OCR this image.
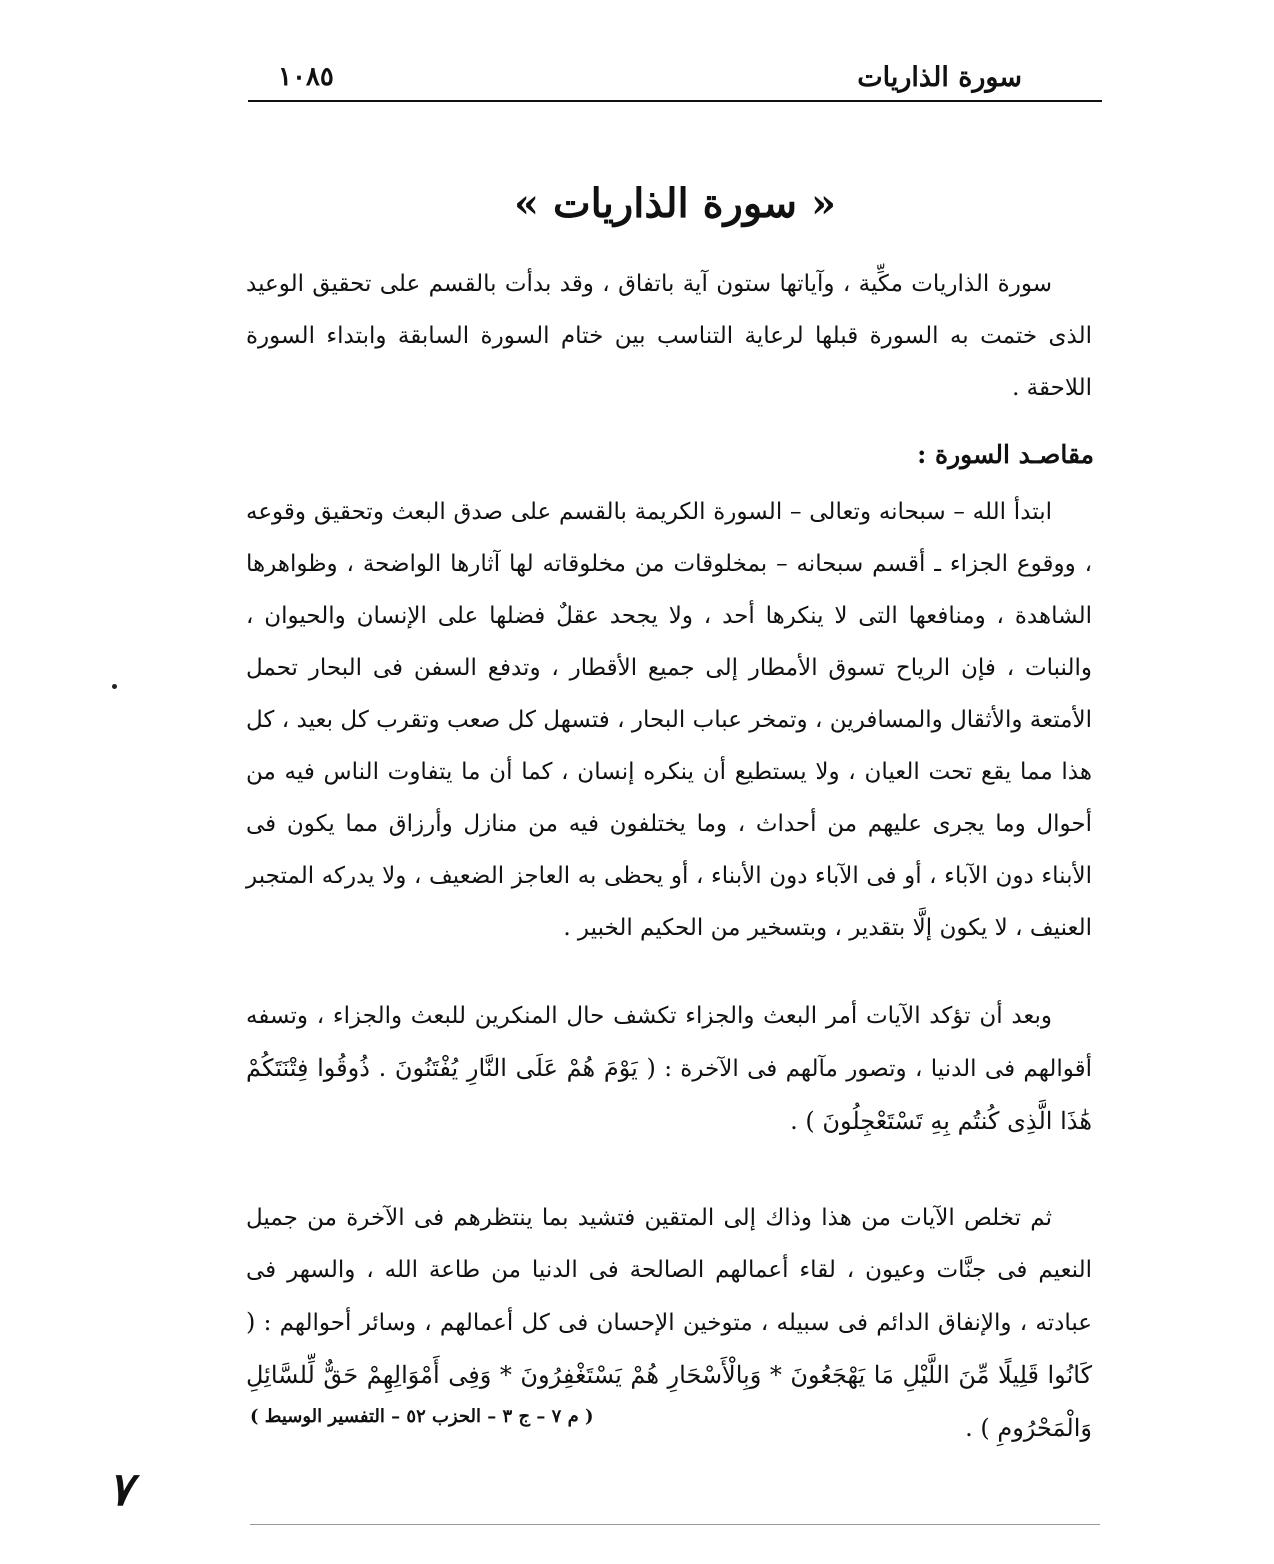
سورة الذاريات
١٠٨٥
« سورة الذاريات »

سورة الذاريات مكِّية ، وآياتها ستون آية باتفاق ، وقد بدأت بالقسم على تحقيق الوعيد الذى ختمت به السورة قبلها لرعاية التناسب بين ختام السورة السابقة وابتداء السورة اللاحقة .

مقاصـد السورة :

ابتدأ الله – سبحانه وتعالى – السورة الكريمة بالقسم على صدق البعث وتحقيق وقوعه ، ووقوع الجزاء ـ أقسم سبحانه – بمخلوقات من مخلوقاته لها آثارها الواضحة ، وظواهرها الشاهدة ، ومنافعها التى لا ينكرها أحد ، ولا يجحد عقلٌ فضلها على الإنسان والحيوان ، والنبات ، فإن الرياح تسوق الأمطار إلى جميع الأقطار ، وتدفع السفن فى البحار تحمل الأمتعة والأثقال والمسافرين ، وتمخر عباب البحار ، فتسهل كل صعب وتقرب كل بعيد ، كل هذا مما يقع تحت العيان ، ولا يستطيع أن ينكره إنسان ، كما أن ما يتفاوت الناس فيه من أحوال وما يجرى عليهم من أحداث ، وما يختلفون فيه من منازل وأرزاق مما يكون فى الأبناء دون الآباء ، أو فى الآباء دون الأبناء ، أو يحظى به العاجز الضعيف ، ولا يدركه المتجبر العنيف ، لا يكون إلَّا بتقدير ، وبتسخير من الحكيم الخبير .

وبعد أن تؤكد الآيات أمر البعث والجزاء تكشف حال المنكرين للبعث والجزاء ، وتسفه أقوالهم فى الدنيا ، وتصور مآلهم فى الآخرة : ( يَوْمَ هُمْ عَلَى النَّارِ يُفْتَنُونَ . ذُوقُوا فِتْنَتَكُمْ هَٰذَا الَّذِى كُنتُم بِهِ تَسْتَعْجِلُونَ ) .

ثم تخلص الآيات من هذا وذاك إلى المتقين فتشيد بما ينتظرهم فى الآخرة من جميل النعيم فى جنَّات وعيون ، لقاء أعمالهم الصالحة فى الدنيا من طاعة الله ، والسهر فى عبادته ، والإنفاق الدائم فى سبيله ، متوخين الإحسان فى كل أعمالهم ، وسائر أحوالهم : ( كَانُوا قَلِيلًا مِّنَ اللَّيْلِ مَا يَهْجَعُونَ * وَبِالْأَسْحَارِ هُمْ يَسْتَغْفِرُونَ * وَفِى أَمْوَالِهِمْ حَقٌّ لِّلسَّائِلِ وَالْمَحْرُومِ ) .

( م ٧ – ج ٣ – الحزب ٥٢ – التفسير الوسيط )
٧
